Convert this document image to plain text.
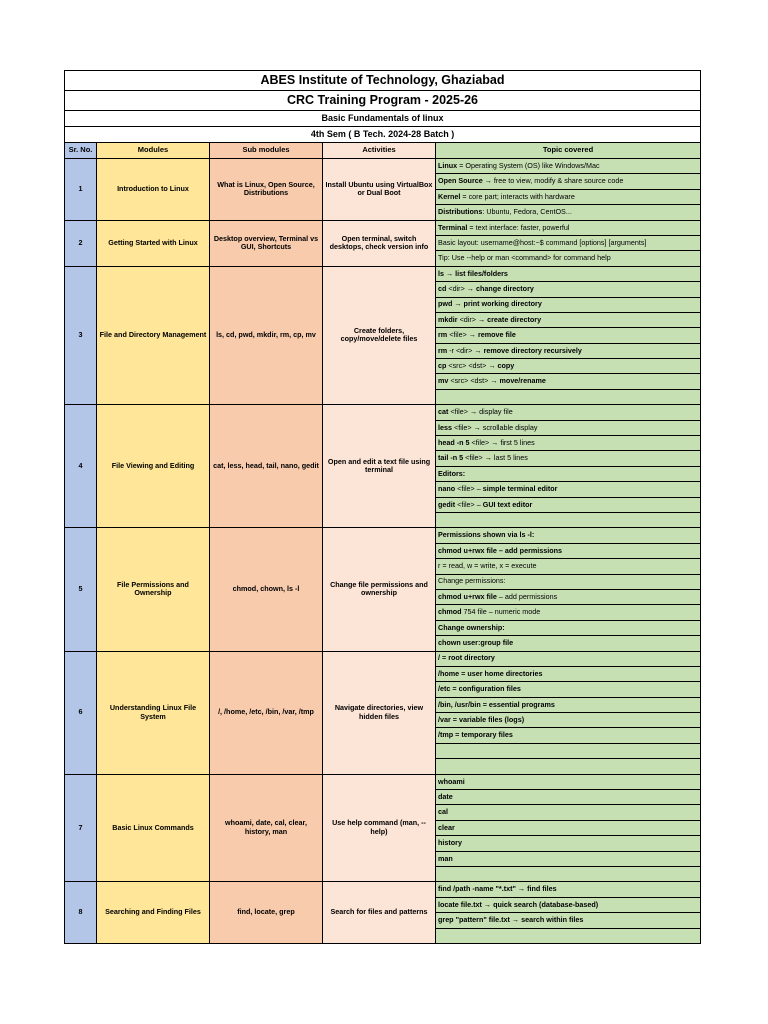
ABES Institute of Technology, Ghaziabad				
CRC Training Program - 2025-26				
Basic Fundamentals of linux				
4th Sem ( B Tech. 2024-28 Batch )				
Sr. No.	Modules	Sub modules	Activities	Topic covered
1	Introduction to Linux	What is Linux, Open Source, Distributions	Install Ubuntu using VirtualBox or Dual Boot	Linux = Operating System (OS) like Windows/Mac
				Open Source → free to view, modify & share source code
				Kernel = core part; interacts with hardware
				Distributions: Ubuntu, Fedora, CentOS...
2	Getting Started with Linux	Desktop overview, Terminal vs GUI, Shortcuts	Open terminal, switch desktops, check version info	Terminal = text interface: faster, powerful
				Basic layout: username@host:~$ command [options] [arguments]
				Tip: Use --help or man <command> for command help
3	File and Directory Management	ls, cd, pwd, mkdir, rm, cp, mv	Create folders, copy/move/delete files	ls → list files/folders
				cd <dir> → change directory
				pwd → print working directory
				mkdir <dir> → create directory
				rm <file> → remove file
				rm -r <dir> → remove directory recursively
				cp <src> <dst> → copy
				mv <src> <dst> → move/rename

4	File Viewing and Editing	cat, less, head, tail, nano, gedit	Open and edit a text file using terminal	cat <file> → display file
				less <file> → scrollable display
				head -n 5 <file> → first 5 lines
				tail -n 5 <file> → last 5 lines
				Editors:
				nano <file> – simple terminal editor
				gedit <file> – GUI text editor

5	File Permissions and Ownership	chmod, chown, ls -l	Change file permissions and ownership	Permissions shown via ls -l:
				chmod u+rwx file – add permissions
				r = read, w = write, x = execute
				Change permissions:
				chmod u+rwx file – add permissions
				chmod 754 file – numeric mode
				Change ownership:
				chown user:group file
6	Understanding Linux File System	/, /home, /etc, /bin, /var, /tmp	Navigate directories, view hidden files	/ = root directory
				/home = user home directories
				/etc = configuration files
				/bin, /usr/bin = essential programs
				/var = variable files (logs)
				/tmp = temporary files

7	Basic Linux Commands	whoami, date, cal, clear, history, man	Use help command (man, --help)	whoami
				date
				cal
				clear
				history
				man

8	Searching and Finding Files	find, locate, grep	Search for files and patterns	find /path -name "*.txt" → find files
				locate file.txt → quick search (database-based)
				grep "pattern" file.txt → search within files
